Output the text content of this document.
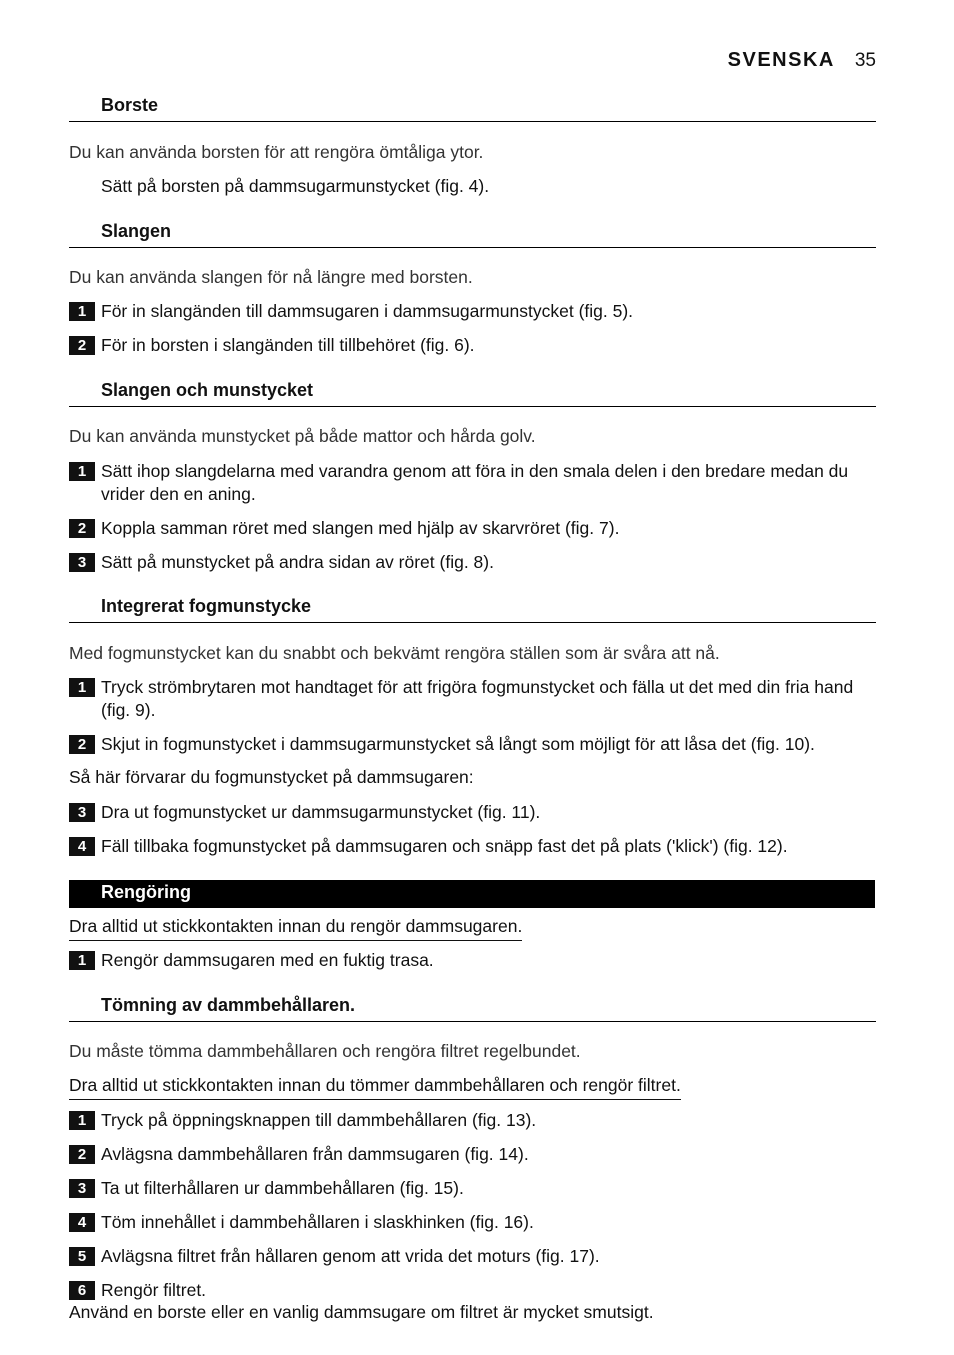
SVENSKA 35
Borste
Du kan använda borsten för att rengöra ömtåliga ytor.
Sätt på borsten på dammsugarmunstycket (fig. 4).
Slangen
Du kan använda slangen för nå längre med borsten.
1 För in slangänden till dammsugaren i dammsugarmunstycket (fig. 5).
2 För in borsten i slangänden till tillbehöret (fig. 6).
Slangen och munstycket
Du kan använda munstycket på både mattor och hårda golv.
1 Sätt ihop slangdelarna med varandra genom att föra in den smala delen i den bredare medan du vrider den en aning.
2 Koppla samman röret med slangen med hjälp av skarvröret (fig. 7).
3 Sätt på munstycket på andra sidan av röret (fig. 8).
Integrerat fogmunstycke
Med fogmunstycket kan du snabbt och bekvämt rengöra ställen som är svåra att nå.
1 Tryck strömbrytaren mot handtaget för att frigöra fogmunstycket och fälla ut det med din fria hand (fig. 9).
2 Skjut in fogmunstycket i dammsugarmunstycket så långt som möjligt för att låsa det (fig. 10).
Så här förvarar du fogmunstycket på dammsugaren:
3 Dra ut fogmunstycket ur dammsugarmunstycket (fig. 11).
4 Fäll tillbaka fogmunstycket på dammsugaren och snäpp fast det på plats ('klick') (fig. 12).
Rengöring
Dra alltid ut stickkontakten innan du rengör dammsugaren.
1 Rengör dammsugaren med en fuktig trasa.
Tömning av dammbehållaren.
Du måste tömma dammbehållaren och rengöra filtret regelbundet.
Dra alltid ut stickkontakten innan du tömmer dammbehållaren och rengör filtret.
1 Tryck på öppningsknappen till dammbehållaren (fig. 13).
2 Avlägsna dammbehållaren från dammsugaren (fig. 14).
3 Ta ut filterhållaren ur dammbehållaren (fig. 15).
4 Töm innehållet i dammbehållaren i slaskhinken (fig. 16).
5 Avlägsna filtret från hållaren genom att vrida det moturs (fig. 17).
6 Rengör filtret.
Använd en borste eller en vanlig dammsugare om filtret är mycket smutsigt.
